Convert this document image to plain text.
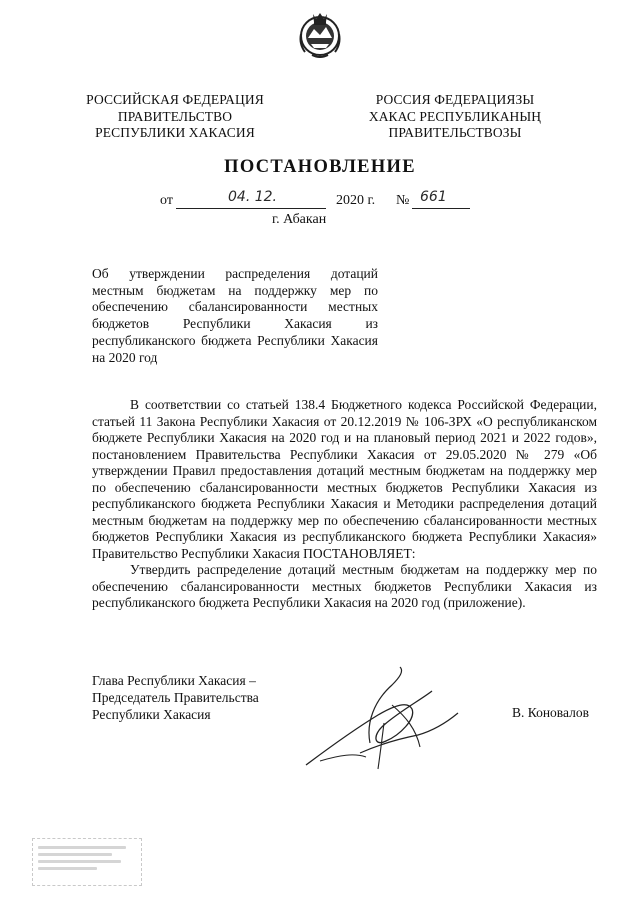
РОССИЙСКАЯ ФЕДЕРАЦИЯ
ПРАВИТЕЛЬСТВО
РЕСПУБЛИКИ ХАКАСИЯ
РОССИЯ ФЕДЕРАЦИЯЗЫ
ХАКАС РЕСПУБЛИКАНЫҢ
ПРАВИТЕЛЬСТВОЗЫ
ПОСТАНОВЛЕНИЕ
от	04. 12.	2020 г. № 661
г. Абакан
Об утверждении распределения дотаций местным бюджетам на поддержку мер по обеспечению сбалансированности местных бюджетов Республики Хакасия из республиканского бюджета Республики Хакасия на 2020 год

В соответствии со статьей 138.4 Бюджетного кодекса Российской Федерации, статьей 11 Закона Республики Хакасия от 20.12.2019 № 106-ЗРХ «О республиканском бюджете Республики Хакасия на 2020 год и на плановый период 2021 и 2022 годов», постановлением Правительства Республики Хакасия от 29.05.2020 № 279 «Об утверждении Правил предоставления дотаций местным бюджетам на поддержку мер по обеспечению сбалансированности местных бюджетов Республики Хакасия из республиканского бюджета Республики Хакасия и Методики распределения дотаций местным бюджетам на поддержку мер по обеспечению сбалансированности местных бюджетов Республики Хакасия из республиканского бюджета Республики Хакасия» Правительство Республики Хакасия ПОСТАНОВЛЯЕТ:

Утвердить распределение дотаций местным бюджетам на поддержку мер по обеспечению сбалансированности местных бюджетов Республики Хакасия из республиканского бюджета Республики Хакасия на 2020 год (приложение).

Глава Республики Хакасия –
Председатель Правительства
Республики Хакасия	В. Коновалов
